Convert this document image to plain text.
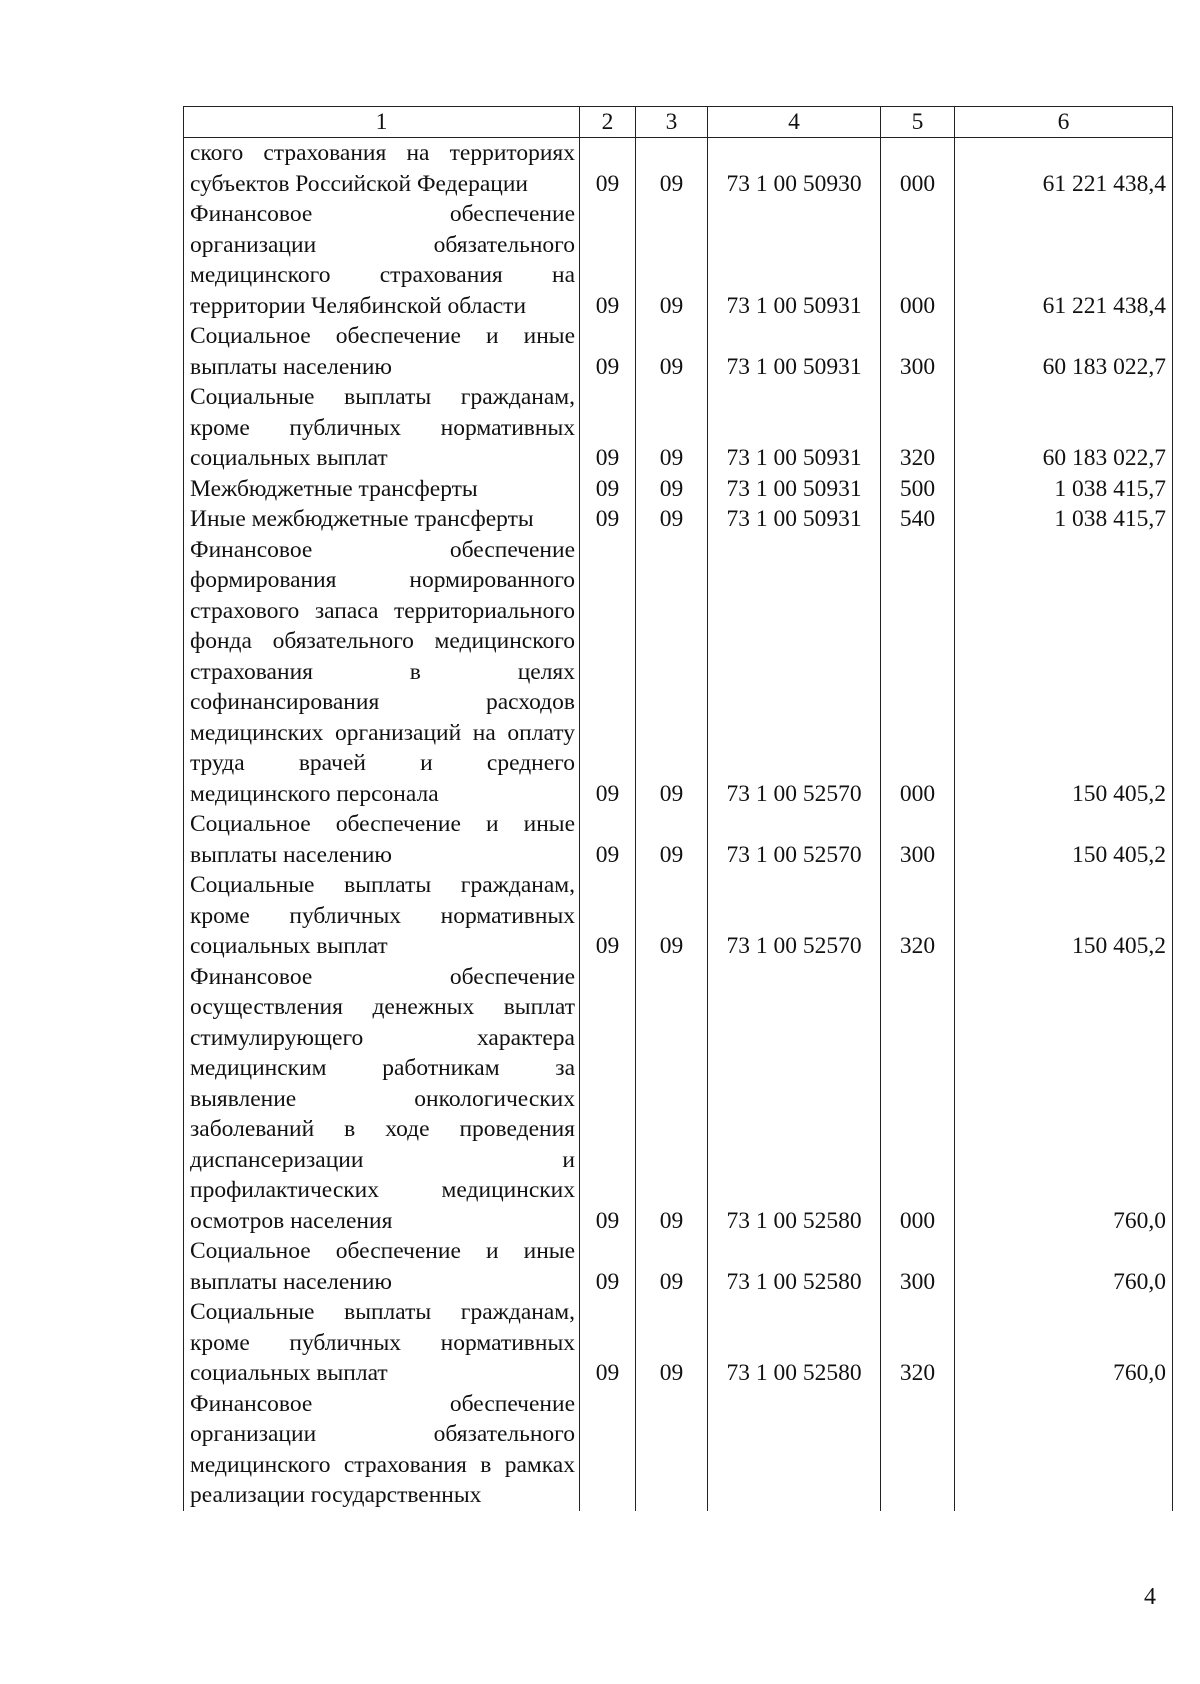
1	2	3	4	5	6
ского страхования на территориях субъектов Российской Федерации	09	09	73 1 00 50930	000	61 221 438,4
Финансовое обеспечение организации обязательного медицинского страхования на территории Челябинской области	09	09	73 1 00 50931	000	61 221 438,4
Социальное обеспечение и иные выплаты населению	09	09	73 1 00 50931	300	60 183 022,7
Социальные выплаты гражданам, кроме публичных нормативных социальных выплат	09	09	73 1 00 50931	320	60 183 022,7
Межбюджетные трансферты	09	09	73 1 00 50931	500	1 038 415,7
Иные межбюджетные трансферты	09	09	73 1 00 50931	540	1 038 415,7
Финансовое обеспечение формирования нормированного страхового запаса территориального фонда обязательного медицинского страхования в целях софинансирования расходов медицинских организаций на оплату труда врачей и среднего медицинского персонала	09	09	73 1 00 52570	000	150 405,2
Социальное обеспечение и иные выплаты населению	09	09	73 1 00 52570	300	150 405,2
Социальные выплаты гражданам, кроме публичных нормативных социальных выплат	09	09	73 1 00 52570	320	150 405,2
Финансовое обеспечение осуществления денежных выплат стимулирующего характера медицинским работникам за выявление онкологических заболеваний в ходе проведения диспансеризации и профилактических медицинских осмотров населения	09	09	73 1 00 52580	000	760,0
Социальное обеспечение и иные выплаты населению	09	09	73 1 00 52580	300	760,0
Социальные выплаты гражданам, кроме публичных нормативных социальных выплат	09	09	73 1 00 52580	320	760,0
Финансовое обеспечение организации обязательного медицинского страхования в рамках реализации государственных					
4
